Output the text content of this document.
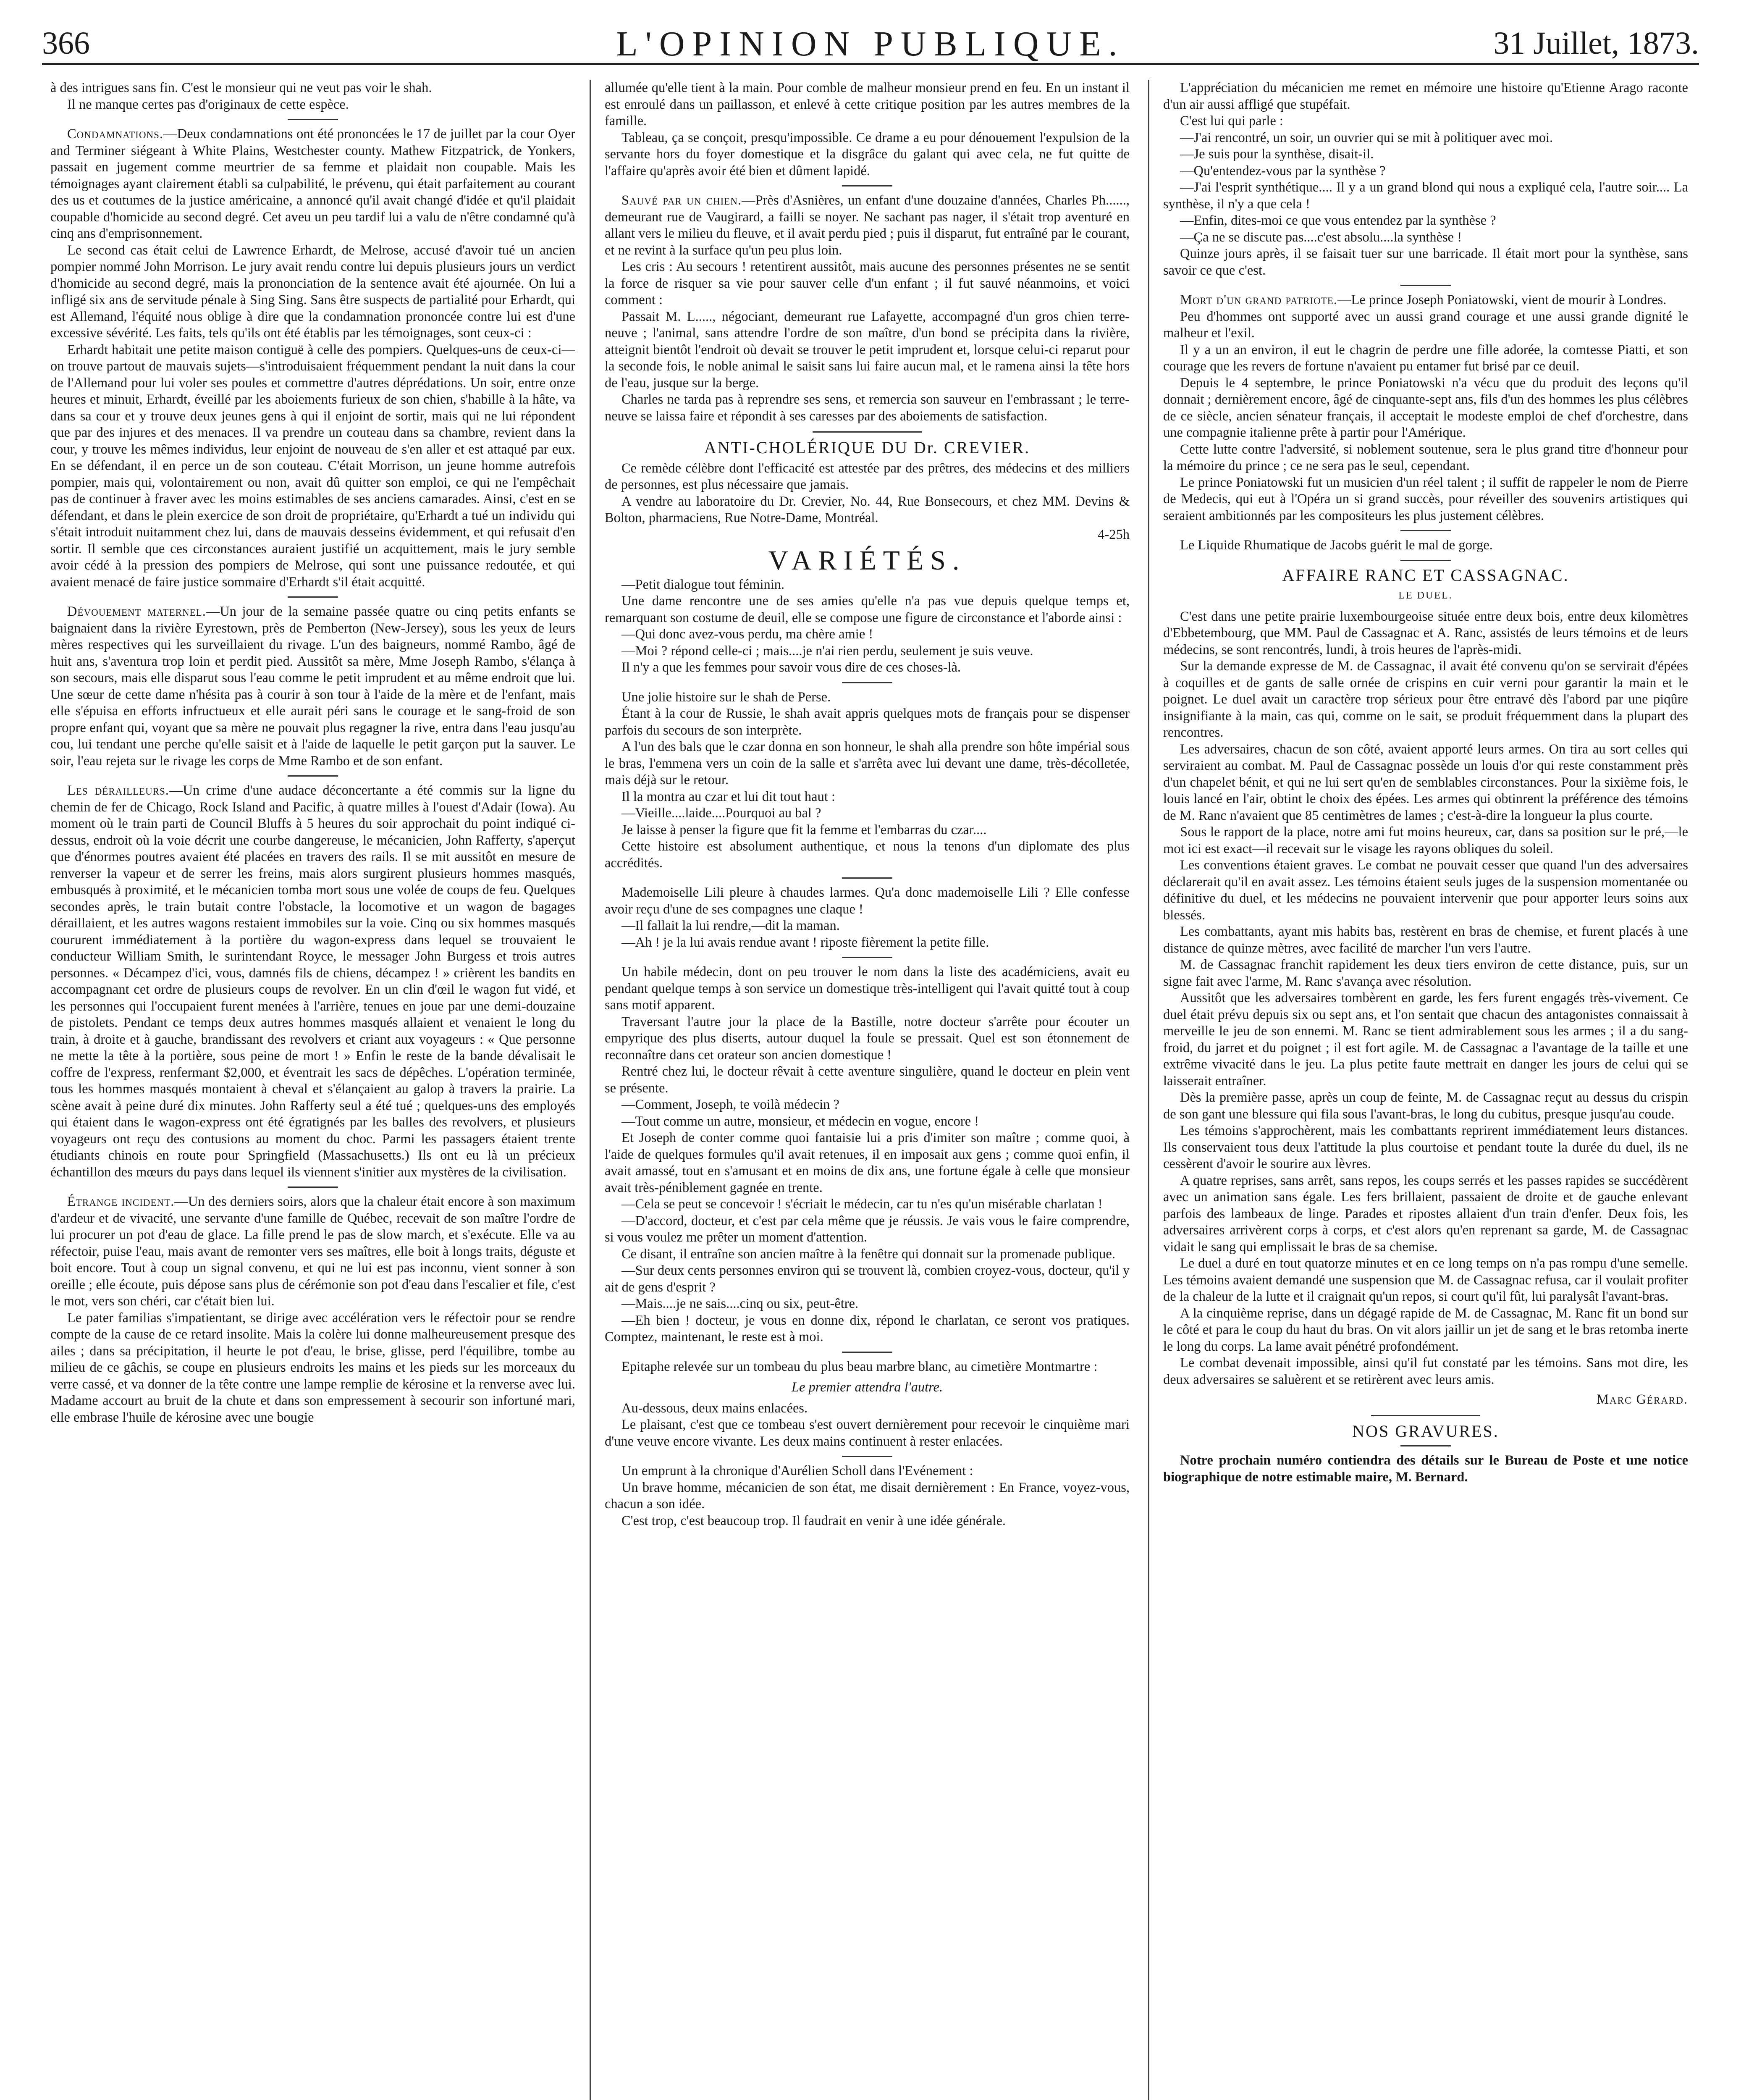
366	L'OPINION PUBLIQUE.	31 Juillet, 1873.

à des intrigues sans fin. C'est le monsieur qui ne veut pas voir le shah.

Il ne manque certes pas d'originaux de cette espèce.

Condamnations.—Deux condamnations ont été prononcées le 17 de juillet par la cour Oyer and Terminer siégeant à White Plains, Westchester county. Mathew Fitzpatrick, de Yonkers, passait en jugement comme meurtrier de sa femme et plaidait non coupable. Mais les témoignages ayant clairement établi sa culpabilité, le prévenu, qui était parfaitement au courant des us et coutumes de la justice américaine, a annoncé qu'il avait changé d'idée et qu'il plaidait coupable d'homicide au second degré. Cet aveu un peu tardif lui a valu de n'être condamné qu'à cinq ans d'emprisonnement.

Le second cas était celui de Lawrence Erhardt, de Melrose, accusé d'avoir tué un ancien pompier nommé John Morrison. Le jury avait rendu contre lui depuis plusieurs jours un verdict d'homicide au second degré, mais la prononciation de la sentence avait été ajournée. On lui a infligé six ans de servitude pénale à Sing Sing. Sans être suspects de partialité pour Erhardt, qui est Allemand, l'équité nous oblige à dire que la condamnation prononcée contre lui est d'une excessive sévérité. Les faits, tels qu'ils ont été établis par les témoignages, sont ceux-ci :

Erhardt habitait une petite maison contiguë à celle des pompiers. Quelques-uns de ceux-ci—on trouve partout de mauvais sujets—s'introduisaient fréquemment pendant la nuit dans la cour de l'Allemand pour lui voler ses poules et commettre d'autres déprédations. Un soir, entre onze heures et minuit, Erhardt, éveillé par les aboiements furieux de son chien, s'habille à la hâte, va dans sa cour et y trouve deux jeunes gens à qui il enjoint de sortir, mais qui ne lui répondent que par des injures et des menaces. Il va prendre un couteau dans sa chambre, revient dans la cour, y trouve les mêmes individus, leur enjoint de nouveau de s'en aller et est attaqué par eux. En se défendant, il en perce un de son couteau. C'était Morrison, un jeune homme autrefois pompier, mais qui, volontairement ou non, avait dû quitter son emploi, ce qui ne l'empêchait pas de continuer à fraver avec les moins estimables de ses anciens camarades. Ainsi, c'est en se défendant, et dans le plein exercice de son droit de propriétaire, qu'Erhardt a tué un individu qui s'était introduit nuitamment chez lui, dans de mauvais desseins évidemment, et qui refusait d'en sortir. Il semble que ces circonstances auraient justifié un acquittement, mais le jury semble avoir cédé à la pression des pompiers de Melrose, qui sont une puissance redoutée, et qui avaient menacé de faire justice sommaire d'Erhardt s'il était acquitté.

Dévouement maternel.—Un jour de la semaine passée quatre ou cinq petits enfants se baignaient dans la rivière Eyrestown, près de Pemberton (New-Jersey), sous les yeux de leurs mères respectives qui les surveillaient du rivage. L'un des baigneurs, nommé Rambo, âgé de huit ans, s'aventura trop loin et perdit pied. Aussitôt sa mère, Mme Joseph Rambo, s'élança à son secours, mais elle disparut sous l'eau comme le petit imprudent et au même endroit que lui. Une sœur de cette dame n'hésita pas à courir à son tour à l'aide de la mère et de l'enfant, mais elle s'épuisa en efforts infructueux et elle aurait péri sans le courage et le sang-froid de son propre enfant qui, voyant que sa mère ne pouvait plus regagner la rive, entra dans l'eau jusqu'au cou, lui tendant une perche qu'elle saisit et à l'aide de laquelle le petit garçon put la sauver. Le soir, l'eau rejeta sur le rivage les corps de Mme Rambo et de son enfant.

Les dérailleurs.—Un crime d'une audace déconcertante a été commis sur la ligne du chemin de fer de Chicago, Rock Island and Pacific, à quatre milles à l'ouest d'Adair (Iowa). Au moment où le train parti de Council Bluffs à 5 heures du soir approchait du point indiqué ci-dessus, endroit où la voie décrit une courbe dangereuse, le mécanicien, John Rafferty, s'aperçut que d'énormes poutres avaient été placées en travers des rails. Il se mit aussitôt en mesure de renverser la vapeur et de serrer les freins, mais alors surgirent plusieurs hommes masqués, embusqués à proximité, et le mécanicien tomba mort sous une volée de coups de feu. Quelques secondes après, le train butait contre l'obstacle, la locomotive et un wagon de bagages déraillaient, et les autres wagons restaient immobiles sur la voie. Cinq ou six hommes masqués coururent immédiatement à la portière du wagon-express dans lequel se trouvaient le conducteur William Smith, le surintendant Royce, le messager John Burgess et trois autres personnes. « Décampez d'ici, vous, damnés fils de chiens, décampez ! » crièrent les bandits en accompagnant cet ordre de plusieurs coups de revolver. En un clin d'œil le wagon fut vidé, et les personnes qui l'occupaient furent menées à l'arrière, tenues en joue par une demi-douzaine de pistolets. Pendant ce temps deux autres hommes masqués allaient et venaient le long du train, à droite et à gauche, brandissant des revolvers et criant aux voyageurs : « Que personne ne mette la tête à la portière, sous peine de mort ! » Enfin le reste de la bande dévalisait le coffre de l'express, renfermant $2,000, et éventrait les sacs de dépêches. L'opération terminée, tous les hommes masqués montaient à cheval et s'élançaient au galop à travers la prairie. La scène avait à peine duré dix minutes. John Rafferty seul a été tué ; quelques-uns des employés qui étaient dans le wagon-express ont été égratignés par les balles des revolvers, et plusieurs voyageurs ont reçu des contusions au moment du choc. Parmi les passagers étaient trente étudiants chinois en route pour Springfield (Massachusetts.) Ils ont eu là un précieux échantillon des mœurs du pays dans lequel ils viennent s'initier aux mystères de la civilisation.

Étrange incident.—Un des derniers soirs, alors que la chaleur était encore à son maximum d'ardeur et de vivacité, une servante d'une famille de Québec, recevait de son maître l'ordre de lui procurer un pot d'eau de glace. La fille prend le pas de slow march, et s'exécute. Elle va au réfectoir, puise l'eau, mais avant de remonter vers ses maîtres, elle boit à longs traits, déguste et boit encore. Tout à coup un signal convenu, et qui ne lui est pas inconnu, vient sonner à son oreille ; elle écoute, puis dépose sans plus de cérémonie son pot d'eau dans l'escalier et file, c'est le mot, vers son chéri, car c'était bien lui.

Le pater familias s'impatientant, se dirige avec accélération vers le réfectoir pour se rendre compte de la cause de ce retard insolite. Mais la colère lui donne malheureusement presque des ailes ; dans sa précipitation, il heurte le pot d'eau, le brise, glisse, perd l'équilibre, tombe au milieu de ce gâchis, se coupe en plusieurs endroits les mains et les pieds sur les morceaux du verre cassé, et va donner de la tête contre une lampe remplie de kérosine et la renverse avec lui. Madame accourt au bruit de la chute et dans son empressement à secourir son infortuné mari, elle embrase l'huile de kérosine avec une bougie

allumée qu'elle tient à la main. Pour comble de malheur monsieur prend en feu. En un instant il est enroulé dans un paillasson, et enlevé à cette critique position par les autres membres de la famille.

Tableau, ça se conçoit, presqu'impossible. Ce drame a eu pour dénouement l'expulsion de la servante hors du foyer domestique et la disgrâce du galant qui avec cela, ne fut quitte de l'affaire qu'après avoir été bien et dûment lapidé.

Sauvé par un chien.—Près d'Asnières, un enfant d'une douzaine d'années, Charles Ph......, demeurant rue de Vaugirard, a failli se noyer. Ne sachant pas nager, il s'était trop aventuré en allant vers le milieu du fleuve, et il avait perdu pied ; puis il disparut, fut entraîné par le courant, et ne revint à la surface qu'un peu plus loin.

Les cris : Au secours ! retentirent aussitôt, mais aucune des personnes présentes ne se sentit la force de risquer sa vie pour sauver celle d'un enfant ; il fut sauvé néanmoins, et voici comment :

Passait M. L....., négociant, demeurant rue Lafayette, accompagné d'un gros chien terre-neuve ; l'animal, sans attendre l'ordre de son maître, d'un bond se précipita dans la rivière, atteignit bientôt l'endroit où devait se trouver le petit imprudent et, lorsque celui-ci reparut pour la seconde fois, le noble animal le saisit sans lui faire aucun mal, et le ramena ainsi la tête hors de l'eau, jusque sur la berge.

Charles ne tarda pas à reprendre ses sens, et remercia son sauveur en l'embrassant ; le terre-neuve se laissa faire et répondit à ses caresses par des aboiements de satisfaction.

ANTI-CHOLÉRIQUE DU Dr. CREVIER.

Ce remède célèbre dont l'efficacité est attestée par des prêtres, des médecins et des milliers de personnes, est plus nécessaire que jamais.

A vendre au laboratoire du Dr. Crevier, No. 44, Rue Bonsecours, et chez MM. Devins & Bolton, pharmaciens, Rue Notre-Dame, Montréal.

4-25h

VARIÉTÉS.

—Petit dialogue tout féminin.

Une dame rencontre une de ses amies qu'elle n'a pas vue depuis quelque temps et, remarquant son costume de deuil, elle se compose une figure de circonstance et l'aborde ainsi :

—Qui donc avez-vous perdu, ma chère amie !

—Moi ? répond celle-ci ; mais....je n'ai rien perdu, seulement je suis veuve.

Il n'y a que les femmes pour savoir vous dire de ces choses-là.

Une jolie histoire sur le shah de Perse.

Étant à la cour de Russie, le shah avait appris quelques mots de français pour se dispenser parfois du secours de son interprète.

A l'un des bals que le czar donna en son honneur, le shah alla prendre son hôte impérial sous le bras, l'emmena vers un coin de la salle et s'arrêta avec lui devant une dame, très-décolletée, mais déjà sur le retour.

Il la montra au czar et lui dit tout haut :

—Vieille....laide....Pourquoi au bal ?

Je laisse à penser la figure que fit la femme et l'embarras du czar....

Cette histoire est absolument authentique, et nous la tenons d'un diplomate des plus accrédités.

Mademoiselle Lili pleure à chaudes larmes. Qu'a donc mademoiselle Lili ? Elle confesse avoir reçu d'une de ses compagnes une claque !

—Il fallait la lui rendre,—dit la maman.

—Ah ! je la lui avais rendue avant ! riposte fièrement la petite fille.

Un habile médecin, dont on peu trouver le nom dans la liste des académiciens, avait eu pendant quelque temps à son service un domestique très-intelligent qui l'avait quitté tout à coup sans motif apparent.

Traversant l'autre jour la place de la Bastille, notre docteur s'arrête pour écouter un empyrique des plus diserts, autour duquel la foule se pressait. Quel est son étonnement de reconnaître dans cet orateur son ancien domestique !

Rentré chez lui, le docteur rêvait à cette aventure singulière, quand le docteur en plein vent se présente.

—Comment, Joseph, te voilà médecin ?

—Tout comme un autre, monsieur, et médecin en vogue, encore !

Et Joseph de conter comme quoi fantaisie lui a pris d'imiter son maître ; comme quoi, à l'aide de quelques formules qu'il avait retenues, il en imposait aux gens ; comme quoi enfin, il avait amassé, tout en s'amusant et en moins de dix ans, une fortune égale à celle que monsieur avait très-péniblement gagnée en trente.

—Cela se peut se concevoir ! s'écriait le médecin, car tu n'es qu'un misérable charlatan !

—D'accord, docteur, et c'est par cela même que je réussis. Je vais vous le faire comprendre, si vous voulez me prêter un moment d'attention.

Ce disant, il entraîne son ancien maître à la fenêtre qui donnait sur la promenade publique.

—Sur deux cents personnes environ qui se trouvent là, combien croyez-vous, docteur, qu'il y ait de gens d'esprit ?

—Mais....je ne sais....cinq ou six, peut-être.

—Eh bien ! docteur, je vous en donne dix, répond le charlatan, ce seront vos pratiques. Comptez, maintenant, le reste est à moi.

Epitaphe relevée sur un tombeau du plus beau marbre blanc, au cimetière Montmartre :

Le premier attendra l'autre.

Au-dessous, deux mains enlacées.

Le plaisant, c'est que ce tombeau s'est ouvert dernièrement pour recevoir le cinquième mari d'une veuve encore vivante. Les deux mains continuent à rester enlacées.

Un emprunt à la chronique d'Aurélien Scholl dans l'Evénement :

Un brave homme, mécanicien de son état, me disait dernièrement : En France, voyez-vous, chacun a son idée.

C'est trop, c'est beaucoup trop. Il faudrait en venir à une idée générale.

L'appréciation du mécanicien me remet en mémoire une histoire qu'Etienne Arago raconte d'un air aussi affligé que stupéfait.

C'est lui qui parle :

—J'ai rencontré, un soir, un ouvrier qui se mit à politiquer avec moi.

—Je suis pour la synthèse, disait-il.

—Qu'entendez-vous par la synthèse ?

—J'ai l'esprit synthétique.... Il y a un grand blond qui nous a expliqué cela, l'autre soir.... La synthèse, il n'y a que cela !

—Enfin, dites-moi ce que vous entendez par la synthèse ?

—Ça ne se discute pas....c'est absolu....la synthèse !

Quinze jours après, il se faisait tuer sur une barricade. Il était mort pour la synthèse, sans savoir ce que c'est.

Mort d'un grand patriote.—Le prince Joseph Poniatowski, vient de mourir à Londres.

Peu d'hommes ont supporté avec un aussi grand courage et une aussi grande dignité le malheur et l'exil.

Il y a un an environ, il eut le chagrin de perdre une fille adorée, la comtesse Piatti, et son courage que les revers de fortune n'avaient pu entamer fut brisé par ce deuil.

Depuis le 4 septembre, le prince Poniatowski n'a vécu que du produit des leçons qu'il donnait ; dernièrement encore, âgé de cinquante-sept ans, fils d'un des hommes les plus célèbres de ce siècle, ancien sénateur français, il acceptait le modeste emploi de chef d'orchestre, dans une compagnie italienne prête à partir pour l'Amérique.

Cette lutte contre l'adversité, si noblement soutenue, sera le plus grand titre d'honneur pour la mémoire du prince ; ce ne sera pas le seul, cependant.

Le prince Poniatowski fut un musicien d'un réel talent ; il suffit de rappeler le nom de Pierre de Medecis, qui eut à l'Opéra un si grand succès, pour réveiller des souvenirs artistiques qui seraient ambitionnés par les compositeurs les plus justement célèbres.

Le Liquide Rhumatique de Jacobs guérit le mal de gorge.

AFFAIRE RANC ET CASSAGNAC.
LE DUEL.

C'est dans une petite prairie luxembourgeoise située entre deux bois, entre deux kilomètres d'Ebbetembourg, que MM. Paul de Cassagnac et A. Ranc, assistés de leurs témoins et de leurs médecins, se sont rencontrés, lundi, à trois heures de l'après-midi.

Sur la demande expresse de M. de Cassagnac, il avait été convenu qu'on se servirait d'épées à coquilles et de gants de salle ornée de crispins en cuir verni pour garantir la main et le poignet. Le duel avait un caractère trop sérieux pour être entravé dès l'abord par une piqûre insignifiante à la main, cas qui, comme on le sait, se produit fréquemment dans la plupart des rencontres.

Les adversaires, chacun de son côté, avaient apporté leurs armes. On tira au sort celles qui serviraient au combat. M. Paul de Cassagnac possède un louis d'or qui reste constamment près d'un chapelet bénit, et qui ne lui sert qu'en de semblables circonstances. Pour la sixième fois, le louis lancé en l'air, obtint le choix des épées. Les armes qui obtinrent la préférence des témoins de M. Ranc n'avaient que 85 centimètres de lames ; c'est-à-dire la longueur la plus courte.

Sous le rapport de la place, notre ami fut moins heureux, car, dans sa position sur le pré,—le mot ici est exact—il recevait sur le visage les rayons obliques du soleil.

Les conventions étaient graves. Le combat ne pouvait cesser que quand l'un des adversaires déclarerait qu'il en avait assez. Les témoins étaient seuls juges de la suspension momentanée ou définitive du duel, et les médecins ne pouvaient intervenir que pour apporter leurs soins aux blessés.

Les combattants, ayant mis habits bas, restèrent en bras de chemise, et furent placés à une distance de quinze mètres, avec facilité de marcher l'un vers l'autre.

M. de Cassagnac franchit rapidement les deux tiers environ de cette distance, puis, sur un signe fait avec l'arme, M. Ranc s'avança avec résolution.

Aussitôt que les adversaires tombèrent en garde, les fers furent engagés très-vivement. Ce duel était prévu depuis six ou sept ans, et l'on sentait que chacun des antagonistes connaissait à merveille le jeu de son ennemi. M. Ranc se tient admirablement sous les armes ; il a du sang-froid, du jarret et du poignet ; il est fort agile. M. de Cassagnac a l'avantage de la taille et une extrême vivacité dans le jeu. La plus petite faute mettrait en danger les jours de celui qui se laisserait entraîner.

Dès la première passe, après un coup de feinte, M. de Cassagnac reçut au dessus du crispin de son gant une blessure qui fila sous l'avant-bras, le long du cubitus, presque jusqu'au coude.

Les témoins s'approchèrent, mais les combattants reprirent immédiatement leurs distances. Ils conservaient tous deux l'attitude la plus courtoise et pendant toute la durée du duel, ils ne cessèrent d'avoir le sourire aux lèvres.

A quatre reprises, sans arrêt, sans repos, les coups serrés et les passes rapides se succédèrent avec un animation sans égale. Les fers brillaient, passaient de droite et de gauche enlevant parfois des lambeaux de linge. Parades et ripostes allaient d'un train d'enfer. Deux fois, les adversaires arrivèrent corps à corps, et c'est alors qu'en reprenant sa garde, M. de Cassagnac vidait le sang qui emplissait le bras de sa chemise.

Le duel a duré en tout quatorze minutes et en ce long temps on n'a pas rompu d'une semelle. Les témoins avaient demandé une suspension que M. de Cassagnac refusa, car il voulait profiter de la chaleur de la lutte et il craignait qu'un repos, si court qu'il fût, lui paralysât l'avant-bras.

A la cinquième reprise, dans un dégagé rapide de M. de Cassagnac, M. Ranc fit un bond sur le côté et para le coup du haut du bras. On vit alors jaillir un jet de sang et le bras retomba inerte le long du corps. La lame avait pénétré profondément.

Le combat devenait impossible, ainsi qu'il fut constaté par les témoins. Sans mot dire, les deux adversaires se saluèrent et se retirèrent avec leurs amis.

Marc Gérard.

NOS GRAVURES.

Notre prochain numéro contiendra des détails sur le Bureau de Poste et une notice biographique de notre estimable maire, M. Bernard.
